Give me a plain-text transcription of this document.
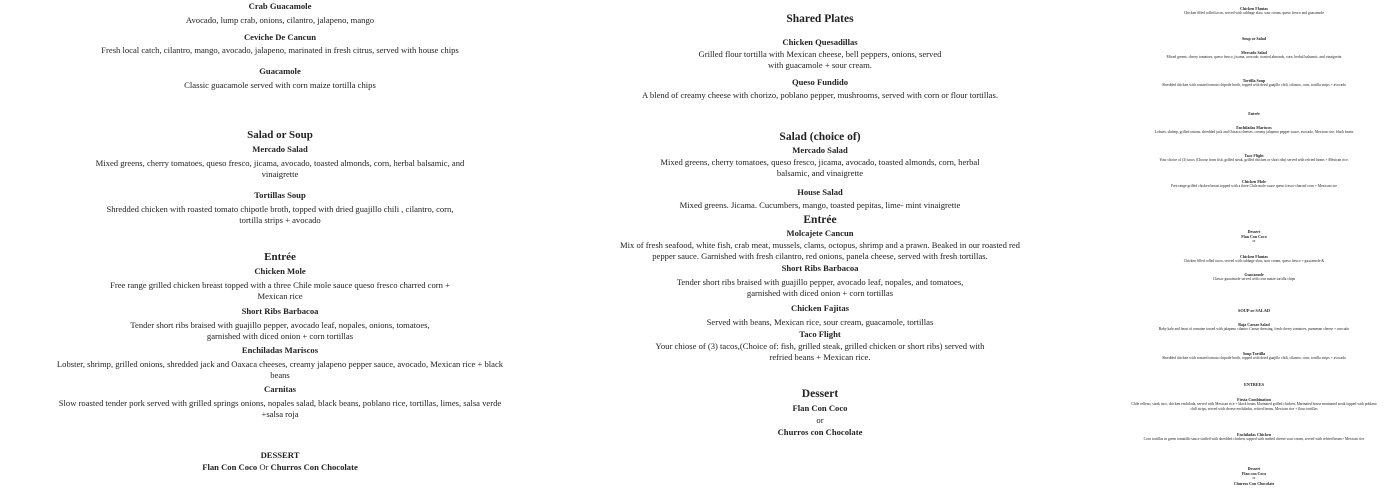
Crab Guacamole
Avocado, lump crab, onions, cilantro, jalapeno, mango
Ceviche De Cancun
Fresh local catch, cilantro, mango, avocado, jalapeno, marinated in fresh citrus, served with house chips
Guacamole
Classic guacamole served with corn maize tortilla chips
Salad or Soup
Mercado Salad
Mixed greens, cherry tomatoes, queso fresco, jicama, avocado, toasted almonds, corn, herbal balsamic, and vinaigrette
Tortillas Soup
Shredded chicken with roasted tomato chipotle broth, topped with dried guajillo chili , cilantro, corn, tortilla strips + avocado
Entrée
Chicken Mole
Free range grilled chicken breast topped with a three Chile mole sauce queso fresco charred corn + Mexican rice
Short Ribs Barbacoa
Tender short ribs braised with guajillo pepper, avocado leaf, nopales, onions, tomatoes, garnished with diced onion + corn tortillas
Enchiladas Mariscos
Lobster, shrimp, grilled onions, shredded jack and Oaxaca cheeses, creamy jalapeno pepper sauce, avocado, Mexican rice + black beans
Carnitas
Slow roasted tender pork served with grilled springs onions, nopales salad, black beans, poblano rice, tortillas, limes, salsa verde +salsa roja
DESSERT
Flan Con Coco Or Churros Con Chocolate
Shared Plates
Chicken Quesadillas
Grilled flour tortilla with Mexican cheese, bell peppers, onions, served with guacamole + sour cream.
Queso Fundido
A blend of creamy cheese with chorizo, poblano pepper, mushrooms, served with corn or flour tortillas.
Salad (choice of)
Mercado Salad
Mixed greens, cherry tomatoes, queso fresco, jicama, avocado, toasted almonds, corn, herbal balsamic, and vinaigrette
House Salad
Mixed greens. Jicama. Cucumbers, mango, toasted pepitas, lime- mint vinaigrette
Entrée
Molcajete Cancun
Mix of fresh seafood, white fish, crab meat, mussels, clams, octopus, shrimp and a prawn. Beaked in our roasted red pepper sauce. Garnished with fresh cilantro, red onions, panela cheese, served with fresh tortillas.
Short Ribs Barbacoa
Tender short ribs braised with guajillo pepper, avocado leaf, nopales, and tomatoes, garnished with diced onion + corn tortillas
Chicken Fajitas
Served with beans, Mexican rice, sour cream, guacamole, tortillas
Taco Flight
Your chiose of (3) tacos,(Choice of: fish, grilled steak, grilled chicken or short ribs) served with refried beans + Mexican rice.
Dessert
Flan Con Coco
or
Churros con Chocolate
Chicken Flautas
Chicken filled rolled tacos, served with cabbage slaw, sour cream, queso fresco and guacamole
Soup or Salad
Mercado Salad
Mixed greens, cherry tomatoes, queso fresco, jicama, avocado, toasted almonds, corn, herbal balsamic, and vinaigrette
Tortilla Soup
Shredded chicken with roasted tomato chipotle broth, topped with dried guajillo chili, cilantro, corn, tortilla strips + avocado
Entrée
Enchiladas Mariscos
Lobster, shrimp, grilled onions, shredded jack and Oaxaca cheeses, creamy jalapeno pepper sauce, avocado, Mexican rice, black beans
Taco Flight
Your choice of (3) tacos (Choose from fish, grilled steak, grilled chicken or short ribs) served with refried beans + Mexican rice.
Chicken Mole
Free range grilled chicken breast topped with a three Chile mole sauce queso fresco charred corn + Mexican rice
Dessert
Flan Con Coco
or
Chicken Flautas
Chicken filled rolled tacos, served with cabbage slaw, sour cream, queso fresco + guacamole &
Guacamole
Classic guacamole served with corn maize tortilla chips
SOUP or SALAD
Baja Caesar Salad
Baby kale and heart of romaine tossed with jalapeno cilantro Caesar dressing, fresh cherry tomatoes, parmesan cheese + avocado
Soup Tortilla
Shredded chicken with roasted tomato chipotle broth, topped with dried guajillo chili, cilantro, corn, tortilla strips + avocado
ENTREES
Fiesta Combination
Chile relleno, steak taco, chicken enchilada, served with Mexican rice + black beans Marinated grilled chicken, Marinated house marinated steak topped with poblano chili strips, served with cheese enchiladas, refried beans, Mexican rice + flour tortillas
Enchiladas Chicken
Corn tortillas in green tomatillo sauce stuffed with shredded chicken, topped with melted cheese sour cream, served with refried beans+ Mexican rice
Dessert
Flan con Coco
or
Churros Con Chocolate
